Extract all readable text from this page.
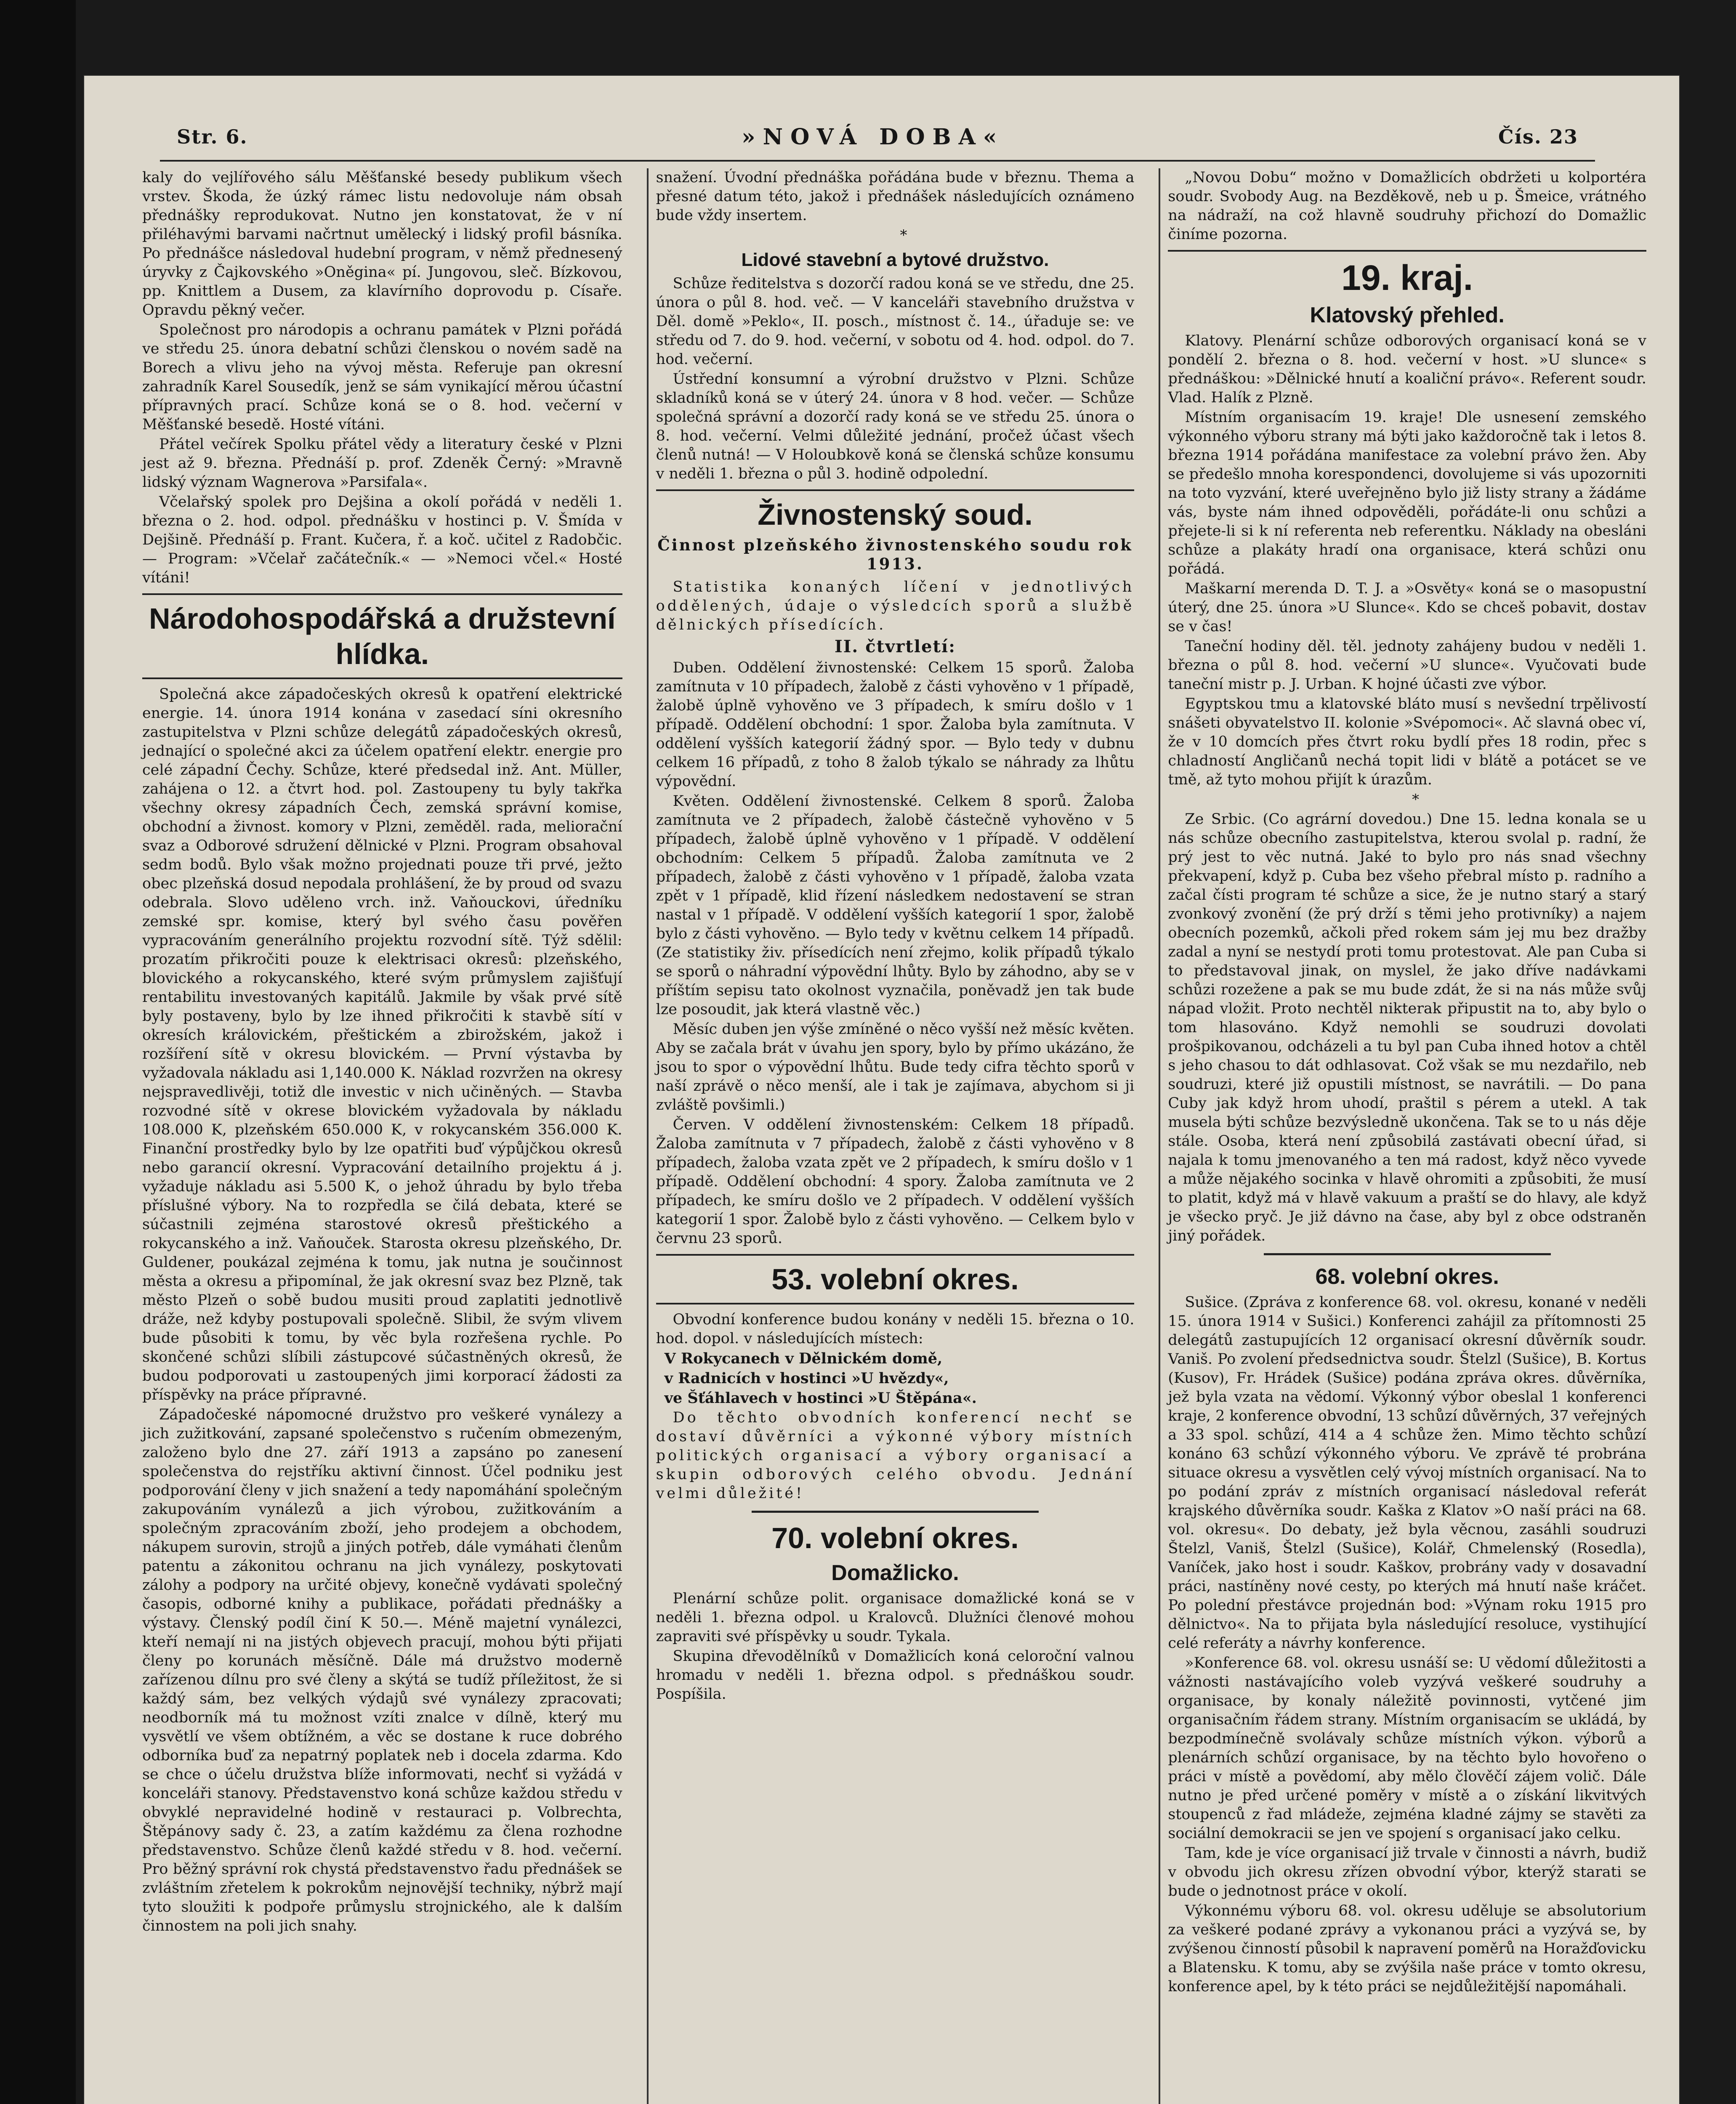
Str. 6.	»NOVÁ DOBA«	Čís. 23

kaly do vejlířového sálu Měšťanské besedy publikum všech vrstev. Škoda, že úzký rámec listu nedovoluje nám obsah přednášky reprodukovat. Nutno jen konstatovat, že v ní přiléhavými barvami načrtnut umělecký i lidský profil básníka. Po přednášce následoval hudební program, v němž přednesený úryvky z Čajkovského »Oněgina« pí. Jungovou, sleč. Bízkovou, pp. Knittlem a Dusem, za klavírního doprovodu p. Císaře. Opravdu pěkný večer.

Společnost pro národopis a ochranu památek v Plzni pořádá ve středu 25. února debatní schůzi členskou o novém sadě na Borech a vlivu jeho na vývoj města. Referuje pan okresní zahradník Karel Sousedík, jenž se sám vynikající měrou účastní přípravných prací. Schůze koná se o 8. hod. večerní v Měšťanské besedě. Hosté vítáni.

Přátel večírek Spolku přátel vědy a literatury české v Plzni jest až 9. března. Přednáší p. prof. Zdeněk Černý: »Mravně lidský význam Wagnerova »Parsifala«.

Včelařský spolek pro Dejšina a okolí pořádá v neděli 1. března o 2. hod. odpol. přednášku v hostinci p. V. Šmída v Dejšině. Přednáší p. Frant. Kučera, ř. a koč. učitel z Radobčic. — Program: »Včelař začátečník.« — »Nemoci včel.« Hosté vítáni!

Národohospodářská a družstevní hlídka.

Společná akce západočeských okresů k opatření elektrické energie. 14. února 1914 konána v zasedací síni okresního zastupitelstva v Plzni schůze delegátů západočeských okresů, jednající o společné akci za účelem opatření elektr. energie pro celé západní Čechy. Schůze, které předsedal inž. Ant. Müller, zahájena o 12. a čtvrt hod. pol. Zastoupeny tu byly takřka všechny okresy západních Čech, zemská správní komise, obchodní a živnost. komory v Plzni, zeměděl. rada, meliorační svaz a Odborové sdružení dělnické v Plzni. Program obsahoval sedm bodů. Bylo však možno projednati pouze tři prvé, ježto obec plzeňská dosud nepodala prohlášení, že by proud od svazu odebrala. Slovo uděleno vrch. inž. Vaňouckovi, úředníku zemské spr. komise, který byl svého času pověřen vypracováním generálního projektu rozvodní sítě. Týž sdělil: prozatím přikročiti pouze k elektrisaci okresů: plzeňského, blovického a rokycanského, které svým průmyslem zajišťují rentabilitu investovaných kapitálů. Jakmile by však prvé sítě byly postaveny, bylo by lze ihned přikročiti k stavbě sítí v okresích královickém, přeštickém a zbirožském, jakož i rozšíření sítě v okresu blovickém. — První výstavba by vyžadovala nákladu asi 1,140.000 K. Náklad rozvržen na okresy nejspravedlivěji, totiž dle investic v nich učiněných. — Stavba rozvodné sítě v okrese blovickém vyžadovala by nákladu 108.000 K, plzeňském 650.000 K, v rokycanském 356.000 K. Finanční prostředky bylo by lze opatřiti buď výpůjčkou okresů nebo garancií okresní. Vypracování detailního projektu á j. vyžaduje nákladu asi 5.500 K, o jehož úhradu by bylo třeba příslušné výbory. Na to rozpředla se čilá debata, které se súčastnili zejména starostové okresů přeštického a rokycanského a inž. Vaňouček. Starosta okresu plzeňského, Dr. Guldener, poukázal zejména k tomu, jak nutna je součinnost města a okresu a připomínal, že jak okresní svaz bez Plzně, tak město Plzeň o sobě budou musiti proud zaplatiti jednotlivě dráže, než kdyby postupovali společně. Slibil, že svým vlivem bude působiti k tomu, by věc byla rozřešena rychle. Po skončené schůzi slíbili zástupcové súčastněných okresů, že budou podporovati u zastoupených jimi korporací žádosti za příspěvky na práce přípravné.

Západočeské nápomocné družstvo pro veškeré vynálezy a jich zužitkování, zapsané společenstvo s ručením obmezeným, založeno bylo dne 27. září 1913 a zapsáno po zanesení společenstva do rejstříku aktivní činnost. Účel podniku jest podporování členy v jich snažení a tedy napomáhání společným zakupováním vynálezů a jich výrobou, zužitkováním a společným zpracováním zboží, jeho prodejem a obchodem, nákupem surovin, strojů a jiných potřeb, dále vymáhati členům patentu a zákonitou ochranu na jich vynálezy, poskytovati zálohy a podpory na určité objevy, konečně vydávati společný časopis, odborné knihy a publikace, pořádati přednášky a výstavy. Členský podíl činí K 50.—. Méně majetní vynálezci, kteří nemají ni na jistých objevech pracují, mohou býti přijati členy po korunách měsíčně. Dále má družstvo moderně zařízenou dílnu pro své členy a skýtá se tudíž příležitost, že si každý sám, bez velkých výdajů své vynálezy zpracovati; neodborník má tu možnost vzíti znalce v dílně, který mu vysvětlí ve všem obtížném, a věc se dostane k ruce dobrého odborníka buď za nepatrný poplatek neb i docela zdarma. Kdo se chce o účelu družstva blíže informovati, nechť si vyžádá v konceláři stanovy. Představenstvo koná schůze každou středu v obvyklé nepravidelné hodině v restauraci p. Volbrechta, Štěpánovy sady č. 23, a zatím každému za člena rozhodne představenstvo. Schůze členů každé středu v 8. hod. večerní. Pro běžný správní rok chystá představenstvo řadu přednášek se zvláštním zřetelem k pokrokům nejnovější techniky, nýbrž mají tyto sloužiti k podpoře průmyslu strojnického, ale k dalším činnostem na poli jich snahy.

snažení. Úvodní přednáška pořádána bude v březnu. Thema a přesné datum této, jakož i přednášek následujících oznámeno bude vždy insertem.

*

Lidové stavební a bytové družstvo.

Schůze ředitelstva s dozorčí radou koná se ve středu, dne 25. února o půl 8. hod. več. — V kanceláři stavebního družstva v Děl. domě »Peklo«, II. posch., místnost č. 14., úřaduje se: ve středu od 7. do 9. hod. večerní, v sobotu od 4. hod. odpol. do 7. hod. večerní.

Ústřední konsumní a výrobní družstvo v Plzni. Schůze skladníků koná se v úterý 24. února v 8 hod. večer. — Schůze společná správní a dozorčí rady koná se ve středu 25. února o 8. hod. večerní. Velmi důležité jednání, pročež účast všech členů nutná! — V Holoubkově koná se členská schůze konsumu v neděli 1. března o půl 3. hodině odpolední.

Živnostenský soud.
Činnost plzeňského živnostenského soudu rok 1913.

Statistika konaných líčení v jednotlivých oddělených, údaje o výsledcích sporů a službě dělnických přísedících.

II. čtvrtletí:

Duben. Oddělení živnostenské: Celkem 15 sporů. Žaloba zamítnuta v 10 případech, žalobě z části vyhověno v 1 případě, žalobě úplně vyhověno ve 3 případech, k smíru došlo v 1 případě. Oddělení obchodní: 1 spor. Žaloba byla zamítnuta. V oddělení vyšších kategorií žádný spor. — Bylo tedy v dubnu celkem 16 případů, z toho 8 žalob týkalo se náhrady za lhůtu výpovědní.

Květen. Oddělení živnostenské. Celkem 8 sporů. Žaloba zamítnuta ve 2 případech, žalobě částečně vyhověno v 5 případech, žalobě úplně vyhověno v 1 případě. V oddělení obchodním: Celkem 5 případů. Žaloba zamítnuta ve 2 případech, žalobě z části vyhověno v 1 případě, žaloba vzata zpět v 1 případě, klid řízení následkem nedostavení se stran nastal v 1 případě. V oddělení vyšších kategorií 1 spor, žalobě bylo z části vyhověno. — Bylo tedy v květnu celkem 14 případů. (Ze statistiky živ. přísedících není zřejmo, kolik případů týkalo se sporů o náhradní výpovědní lhůty. Bylo by záhodno, aby se v příštím sepisu tato okolnost vyznačila, poněvadž jen tak bude lze posoudit, jak která vlastně věc.)

Měsíc duben jen výše zmíněné o něco vyšší než měsíc květen. Aby se začala brát v úvahu jen spory, bylo by přímo ukázáno, že jsou to spor o výpovědní lhůtu. Bude tedy cifra těchto sporů v naší zprávě o něco menší, ale i tak je zajímava, abychom si ji zvláště povšimli.)

Červen. V oddělení živnostenském: Celkem 18 případů. Žaloba zamítnuta v 7 případech, žalobě z části vyhověno v 8 případech, žaloba vzata zpět ve 2 případech, k smíru došlo v 1 případě. Oddělení obchodní: 4 spory. Žaloba zamítnuta ve 2 případech, ke smíru došlo ve 2 případech. V oddělení vyšších kategorií 1 spor. Žalobě bylo z části vyhověno. — Celkem bylo v červnu 23 sporů.

53. volební okres.

Obvodní konference budou konány v neděli 15. března o 10. hod. dopol. v následujících místech:

V Rokycanech v Dělnickém domě,

v Radnicích v hostinci »U hvězdy«,

ve Šťáhlavech v hostinci »U Štěpána«.

Do těchto obvodních konferencí nechť se dostaví důvěrníci a výkonné výbory místních politických organisací a výbory organisací a skupin odborových celého obvodu. Jednání velmi důležité!

70. volební okres.
Domažlicko.

Plenární schůze polit. organisace domažlické koná se v neděli 1. března odpol. u Kralovců. Dlužníci členové mohou zapraviti své příspěvky u soudr. Tykala.

Skupina dřevodělníků v Domažlicích koná celoroční valnou hromadu v neděli 1. března odpol. s přednáškou soudr. Pospíšila.

„Novou Dobu“ možno v Domažlicích obdržeti u kolportéra soudr. Svobody Aug. na Bezděkově, neb u p. Šmeice, vrátného na nádraží, na což hlavně soudruhy přichozí do Domažlic činíme pozorna.

19. kraj.
Klatovský přehled.

Klatovy. Plenární schůze odborových organisací koná se v pondělí 2. března o 8. hod. večerní v host. »U slunce« s přednáškou: »Dělnické hnutí a koaliční právo«. Referent soudr. Vlad. Halík z Plzně.

Místním organisacím 19. kraje! Dle usnesení zemského výkonného výboru strany má býti jako každoročně tak i letos 8. března 1914 pořádána manifestace za volební právo žen. Aby se předešlo mnoha korespondenci, dovolujeme si vás upozorniti na toto vyzvání, které uveřejněno bylo již listy strany a žádáme vás, byste nám ihned odpověděli, pořádáte-li onu schůzi a přejete-li si k ní referenta neb referentku. Náklady na obesláni schůze a plakáty hradí ona organisace, která schůzi onu pořádá.

Maškarní merenda D. T. J. a »Osvěty« koná se o masopustní úterý, dne 25. února »U Slunce«. Kdo se chceš pobavit, dostav se v čas!

Taneční hodiny děl. těl. jednoty zahájeny budou v neděli 1. března o půl 8. hod. večerní »U slunce«. Vyučovati bude taneční mistr p. J. Urban. K hojné účasti zve výbor.

Egyptskou tmu a klatovské bláto musí s nevšední trpělivostí snášeti obyvatelstvo II. kolonie »Svépomoci«. Ač slavná obec ví, že v 10 domcích přes čtvrt roku bydlí přes 18 rodin, přec s chladností Angličanů nechá topit lidi v blátě a potácet se ve tmě, až tyto mohou přijít k úrazům.

*

Ze Srbic. (Co agrární dovedou.) Dne 15. ledna konala se u nás schůze obecního zastupitelstva, kterou svolal p. radní, že prý jest to věc nutná. Jaké to bylo pro nás snad všechny překvapení, když p. Cuba bez všeho přebral místo p. radního a začal čísti program té schůze a sice, že je nutno starý a starý zvonkový zvonění (že prý drží s těmi jeho protivníky) a najem obecních pozemků, ačkoli před rokem sám jej mu bez dražby zadal a nyní se nestydí proti tomu protestovat. Ale pan Cuba si to představoval jinak, on myslel, že jako dříve nadávkami schůzi rozežene a pak se mu bude zdát, že si na nás může svůj nápad vložit. Proto nechtěl nikterak připustit na to, aby bylo o tom hlasováno. Když nemohli se soudruzi dovolati prošpikovanou, odcházeli a tu byl pan Cuba ihned hotov a chtěl s jeho chasou to dát odhlasovat. Což však se mu nezdařilo, neb soudruzi, které již opustili místnost, se navrátili. — Do pana Cuby jak když hrom uhodí, praštil s pérem a utekl. A tak musela býti schůze bezvýsledně ukončena. Tak se to u nás děje stále. Osoba, která není způsobilá zastávati obecní úřad, si najala k tomu jmenovaného a ten má radost, když něco vyvede a může nějakého socinka v hlavě ohromiti a způsobiti, že musí to platit, když má v hlavě vakuum a praští se do hlavy, ale když je všecko pryč. Je již dávno na čase, aby byl z obce odstraněn jiný pořádek.

68. volební okres.

Sušice. (Zpráva z konference 68. vol. okresu, konané v neděli 15. února 1914 v Sušici.) Konferenci zahájil za přítomnosti 25 delegátů zastupujících 12 organisací okresní důvěrník soudr. Vaniš. Po zvolení předsednictva soudr. Štelzl (Sušice), B. Kortus (Kusov), Fr. Hrádek (Sušice) podána zpráva okres. důvěrníka, jež byla vzata na vědomí. Výkonný výbor obeslal 1 konferenci kraje, 2 konference obvodní, 13 schůzí důvěrných, 37 veřejných a 33 spol. schůzí, 414 a 4 schůze žen. Mimo těchto schůzí konáno 63 schůzí výkonného výboru. Ve zprávě té probrána situace okresu a vysvětlen celý vývoj místních organisací. Na to po podání zpráv z místních organisací následoval referát krajského důvěrníka soudr. Kaška z Klatov »O naší práci na 68. vol. okresu«. Do debaty, jež byla věcnou, zasáhli soudruzi Štelzl, Vaniš, Štelzl (Sušice), Kolář, Chmelenský (Rosedla), Vaníček, jako host i soudr. Kaškov, probrány vady v dosavadní práci, nastíněny nové cesty, po kterých má hnutí naše kráčet. Po polední přestávce projednán bod: »Výnam roku 1915 pro dělnictvo«. Na to přijata byla následující resoluce, vystihující celé referáty a návrhy konference.

»Konference 68. vol. okresu usnáší se: U vědomí důležitosti a vážnosti nastávajícího voleb vyzývá veškeré soudruhy a organisace, by konaly náležitě povinnosti, vytčené jim organisačním řádem strany. Místním organisacím se ukládá, by bezpodmínečně svolávaly schůze místních výkon. výborů a plenárních schůzí organisace, by na těchto bylo hovořeno o práci v místě a povědomí, aby mělo člověčí zájem volič. Dále nutno je před určené poměry v místě a o získání likvitvých stoupenců z řad mládeže, zejména kladné zájmy se stavěti za sociální demokracii se jen ve spojení s organisací jako celku.

Tam, kde je více organisací již trvale v činnosti a návrh, budiž v obvodu jich okresu zřízen obvodní výbor, kterýž starati se bude o jednotnost práce v okolí.

Výkonnému výboru 68. vol. okresu uděluje se absolutorium za veškeré podané zprávy a vykonanou práci a vyzývá se, by zvýšenou činností působil k napravení poměrů na Horažďovicku a Blatensku. K tomu, aby se zvýšila naše práce v tomto okresu, konference apel, by k této práci se nejdůležitější napomáhali.
